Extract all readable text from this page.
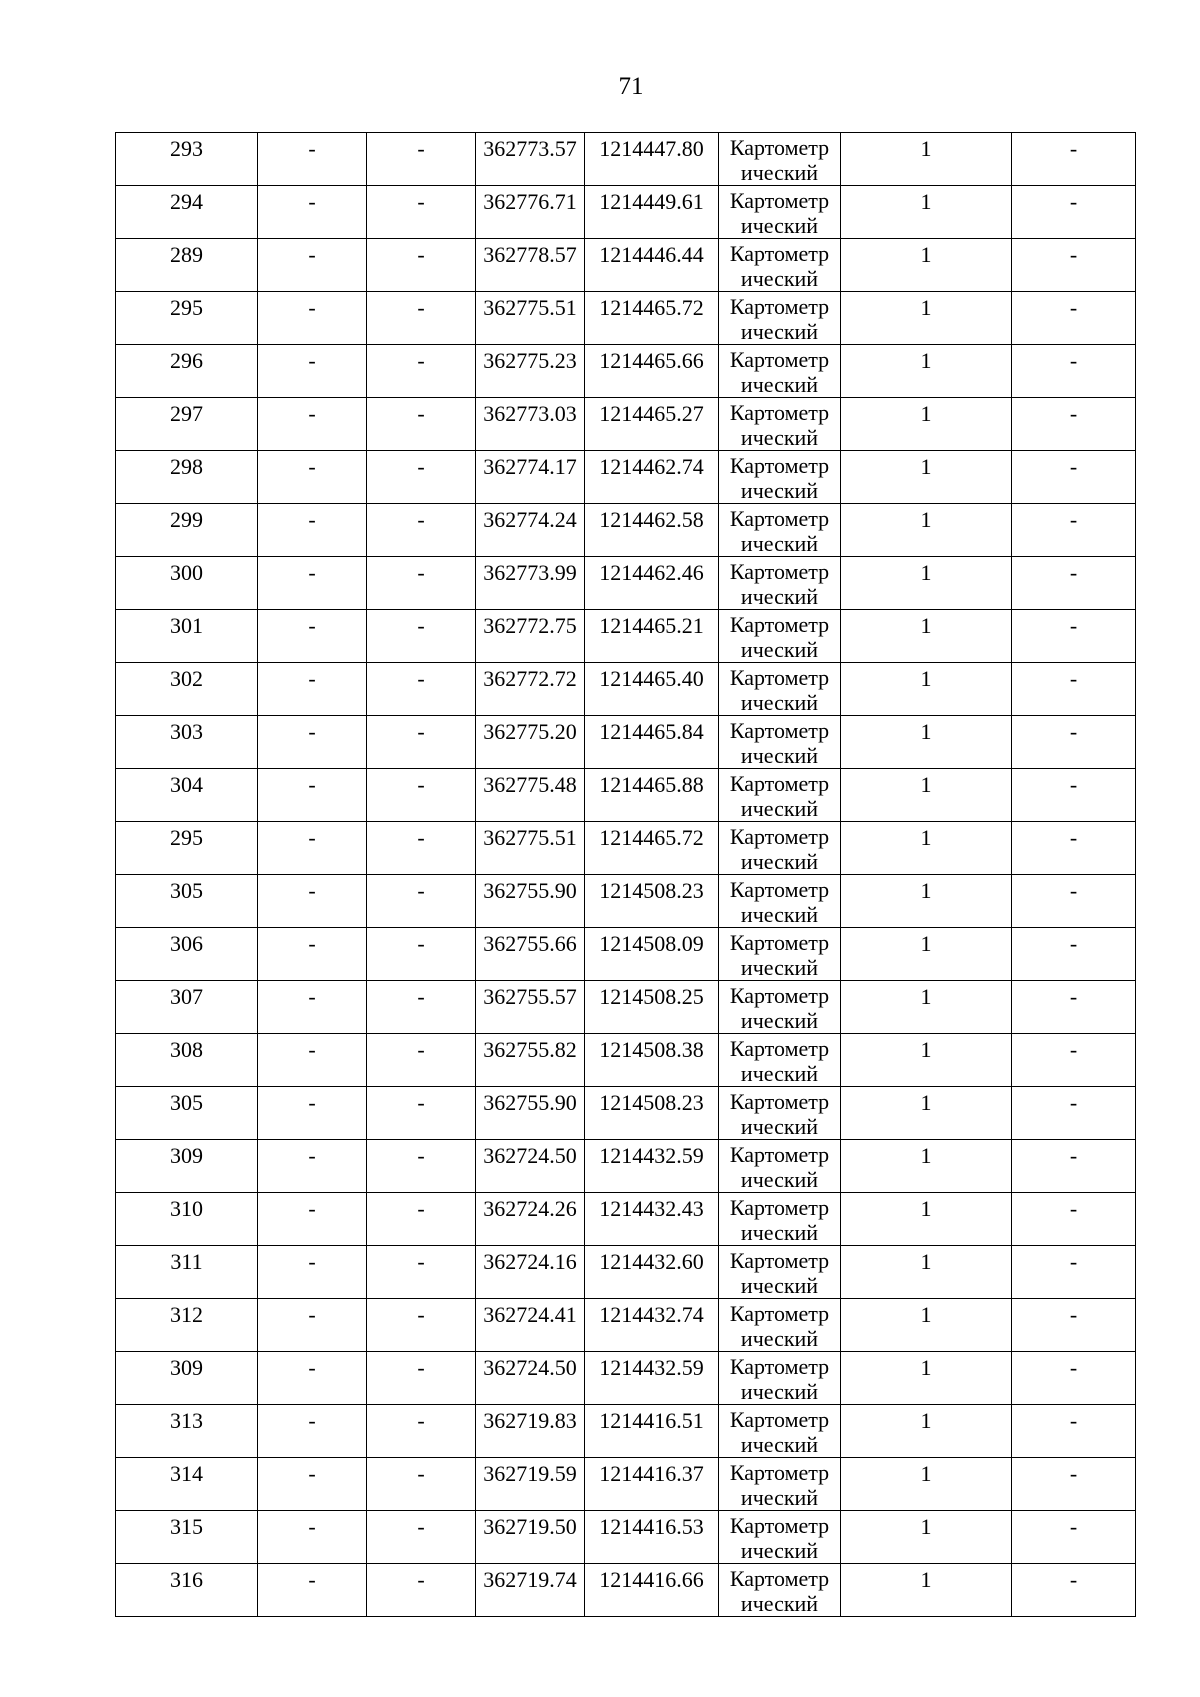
71
293	-	-	362773.57	1214447.80	Картометр ический	1	-

294	-	-	362776.71	1214449.61	Картометр ический	1	-

289	-	-	362778.57	1214446.44	Картометр ический	1	-

295	-	-	362775.51	1214465.72	Картометр ический	1	-

296	-	-	362775.23	1214465.66	Картометр ический	1	-

297	-	-	362773.03	1214465.27	Картометр ический	1	-

298	-	-	362774.17	1214462.74	Картометр ический	1	-

299	-	-	362774.24	1214462.58	Картометр ический	1	-

300	-	-	362773.99	1214462.46	Картометр ический	1	-

301	-	-	362772.75	1214465.21	Картометр ический	1	-

302	-	-	362772.72	1214465.40	Картометр ический	1	-

303	-	-	362775.20	1214465.84	Картометр ический	1	-

304	-	-	362775.48	1214465.88	Картометр ический	1	-

295	-	-	362775.51	1214465.72	Картометр ический	1	-

305	-	-	362755.90	1214508.23	Картометр ический	1	-

306	-	-	362755.66	1214508.09	Картометр ический	1	-

307	-	-	362755.57	1214508.25	Картометр ический	1	-

308	-	-	362755.82	1214508.38	Картометр ический	1	-

305	-	-	362755.90	1214508.23	Картометр ический	1	-

309	-	-	362724.50	1214432.59	Картометр ический	1	-

310	-	-	362724.26	1214432.43	Картометр ический	1	-

311	-	-	362724.16	1214432.60	Картометр ический	1	-

312	-	-	362724.41	1214432.74	Картометр ический	1	-

309	-	-	362724.50	1214432.59	Картометр ический	1	-

313	-	-	362719.83	1214416.51	Картометр ический	1	-

314	-	-	362719.59	1214416.37	Картометр ический	1	-

315	-	-	362719.50	1214416.53	Картометр ический	1	-

316	-	-	362719.74	1214416.66	Картометр ический	1	-
